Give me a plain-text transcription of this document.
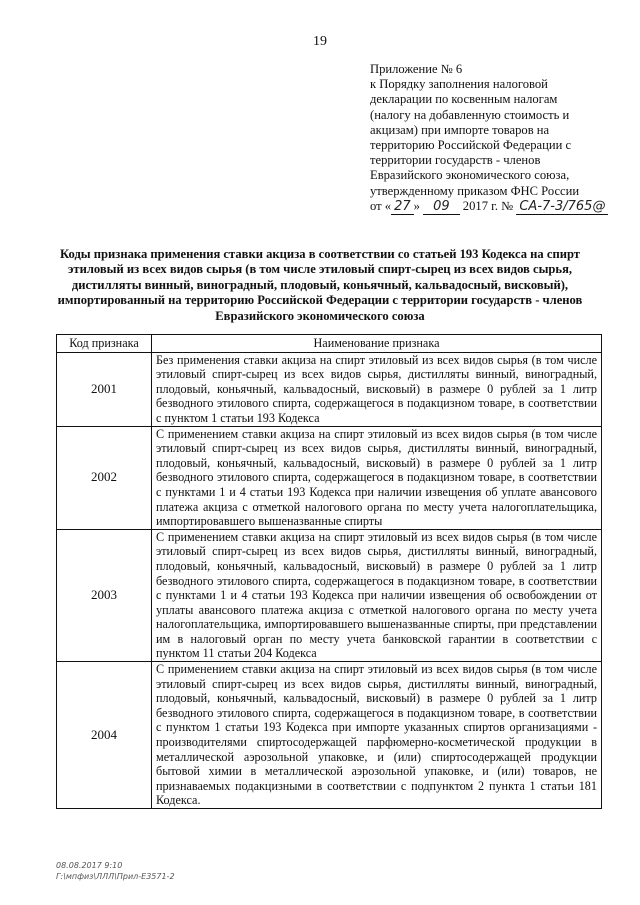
19
Приложение № 6
к Порядку заполнения налоговой
декларации по косвенным налогам
(налогу на добавленную стоимость и
акцизам) при импорте товаров на
территорию Российской Федерации с
территории государств - членов
Евразийского экономического союза,
утвержденному приказом ФНС России
от « 27 » 09 2017 г. № СА-7-3/765@
Коды признака применения ставки акциза в соответствии со статьей 193 Кодекса на спирт этиловый из всех видов сырья (в том числе этиловый спирт-сырец из всех видов сырья, дистилляты винный, виноградный, плодовый, коньячный, кальвадосный, висковый), импортированный на территорию Российской Федерации с территории государств - членов Евразийского экономического союза
Код признака	Наименование признака
2001	Без применения ставки акциза на спирт этиловый из всех видов сырья (в том числе этиловый спирт-сырец из всех видов сырья, дистилляты винный, виноградный, плодовый, коньячный, кальвадосный, висковый) в размере 0 рублей за 1 литр безводного этилового спирта, содержащегося в подакцизном товаре, в соответствии с пунктом 1 статьи 193 Кодекса
2002	С применением ставки акциза на спирт этиловый из всех видов сырья (в том числе этиловый спирт-сырец из всех видов сырья, дистилляты винный, виноградный, плодовый, коньячный, кальвадосный, висковый) в размере 0 рублей за 1 литр безводного этилового спирта, содержащегося в подакцизном товаре, в соответствии с пунктами 1 и 4 статьи 193 Кодекса при наличии извещения об уплате авансового платежа акциза с отметкой налогового органа по месту учета налогоплательщика, импортировавшего вышеназванные спирты
2003	С применением ставки акциза на спирт этиловый из всех видов сырья (в том числе этиловый спирт-сырец из всех видов сырья, дистилляты винный, виноградный, плодовый, коньячный, кальвадосный, висковый) в размере 0 рублей за 1 литр безводного этилового спирта, содержащегося в подакцизном товаре, в соответствии с пунктами 1 и 4 статьи 193 Кодекса при наличии извещения об освобождении от уплаты авансового платежа акциза с отметкой налогового органа по месту учета налогоплательщика, импортировавшего вышеназванные спирты, при представлении им в налоговый орган по месту учета банковской гарантии в соответствии с пунктом 11 статьи 204 Кодекса
2004	С применением ставки акциза на спирт этиловый из всех видов сырья (в том числе этиловый спирт-сырец из всех видов сырья, дистилляты винный, виноградный, плодовый, коньячный, кальвадосный, висковый) в размере 0 рублей за 1 литр безводного этилового спирта, содержащегося в подакцизном товаре, в соответствии с пунктом 1 статьи 193 Кодекса при импорте указанных спиртов организациями - производителями спиртосодержащей парфюмерно-косметической продукции в металлической аэрозольной упаковке, и (или) спиртосодержащей продукции бытовой химии в металлической аэрозольной упаковке, и (или) товаров, не признаваемых подакцизными в соответствии с подпунктом 2 пункта 1 статьи 181 Кодекса.
08.08.2017 9:10
Г:\мпфиз\ЛЛЛ\Прил-Е3571-2
